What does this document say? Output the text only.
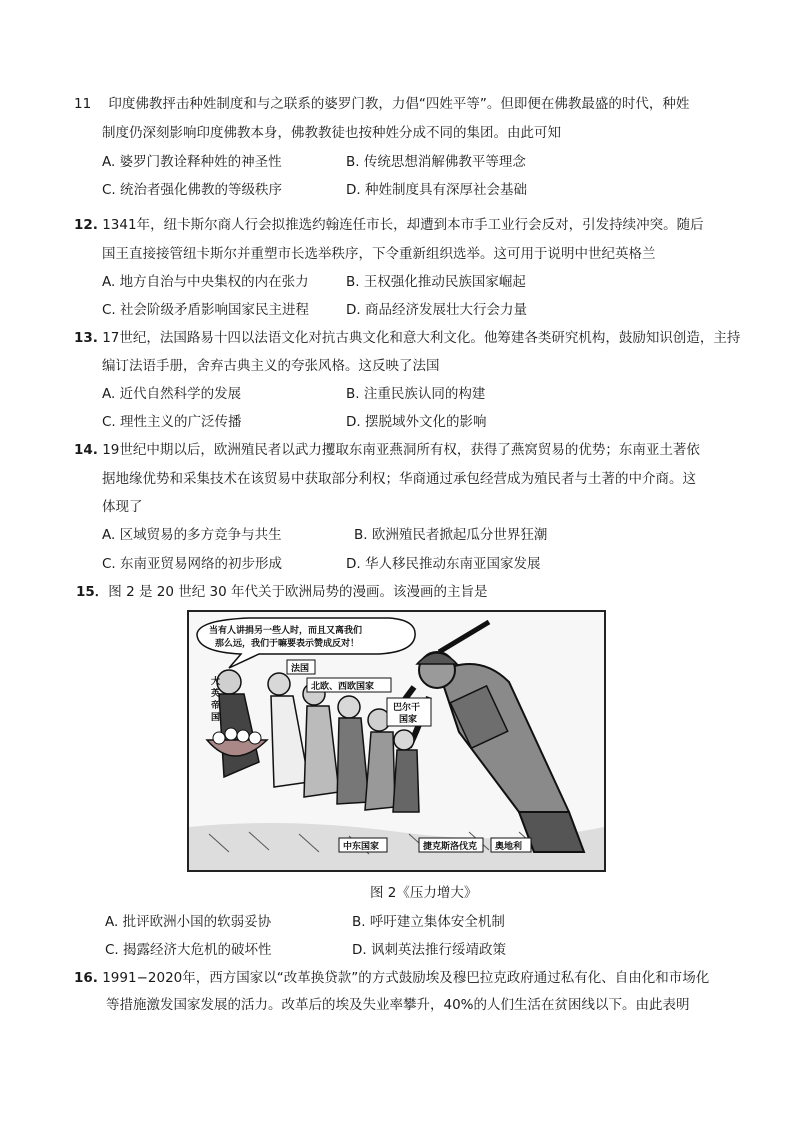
11 印度佛教抨击种姓制度和与之联系的婆罗门教，力倡“四姓平等”。但即便在佛教最盛的时代，种姓
制度仍深刻影响印度佛教本身，佛教教徒也按种姓分成不同的集团。由此可知
A. 婆罗门教诠释种姓的神圣性	B. 传统思想消解佛教平等理念
C. 统治者强化佛教的等级秩序	D. 种姓制度具有深厚社会基础
12. 1341年，纽卡斯尔商人行会拟推选约翰连任市长，却遭到本市手工业行会反对，引发持续冲突。随后
国王直接接管纽卡斯尔并重塑市长选举秩序，下令重新组织选举。这可用于说明中世纪英格兰
A. 地方自治与中央集权的内在张力	B. 王权强化推动民族国家崛起
C. 社会阶级矛盾影响国家民主进程	D. 商品经济发展壮大行会力量
13. 17世纪，法国路易十四以法语文化对抗古典文化和意大利文化。他筹建各类研究机构，鼓励知识创造，主持
编订法语手册，舍弃古典主义的夸张风格。这反映了法国
A. 近代自然科学的发展	B. 注重民族认同的构建
C. 理性主义的广泛传播	D. 摆脱域外文化的影响
14. 19世纪中期以后，欧洲殖民者以武力攫取东南亚燕洞所有权，获得了燕窝贸易的优势；东南亚土著依
据地缘优势和采集技术在该贸易中获取部分利权；华商通过承包经营成为殖民者与土著的中介商。这
体现了
A. 区域贸易的多方竞争与共生	B. 欧洲殖民者掀起瓜分世界狂潮
C. 东南亚贸易网络的初步形成	D. 华人移民推动东南亚国家发展
15．图 2 是 20 世纪 30 年代关于欧洲局势的漫画。该漫画的主旨是
当有人讲捐另一些人时，而且又离我们
那么远，我们于嘛要表示赞成反对！
大
英
帝
国
法国
北欧、西欧国家
巴尔干
国家
中东国家	捷克斯洛伐克 奥地利
图 2《压力增大》
A. 批评欧洲小国的软弱妥协	B. 呼吁建立集体安全机制
C. 揭露经济大危机的破坏性	D. 讽刺英法推行绥靖政策
16. 1991−2020年，西方国家以“改革换贷款”的方式鼓励埃及穆巴拉克政府通过私有化、自由化和市场化
等措施激发国家发展的活力。改革后的埃及失业率攀升，40%的人们生活在贫困线以下。由此表明
